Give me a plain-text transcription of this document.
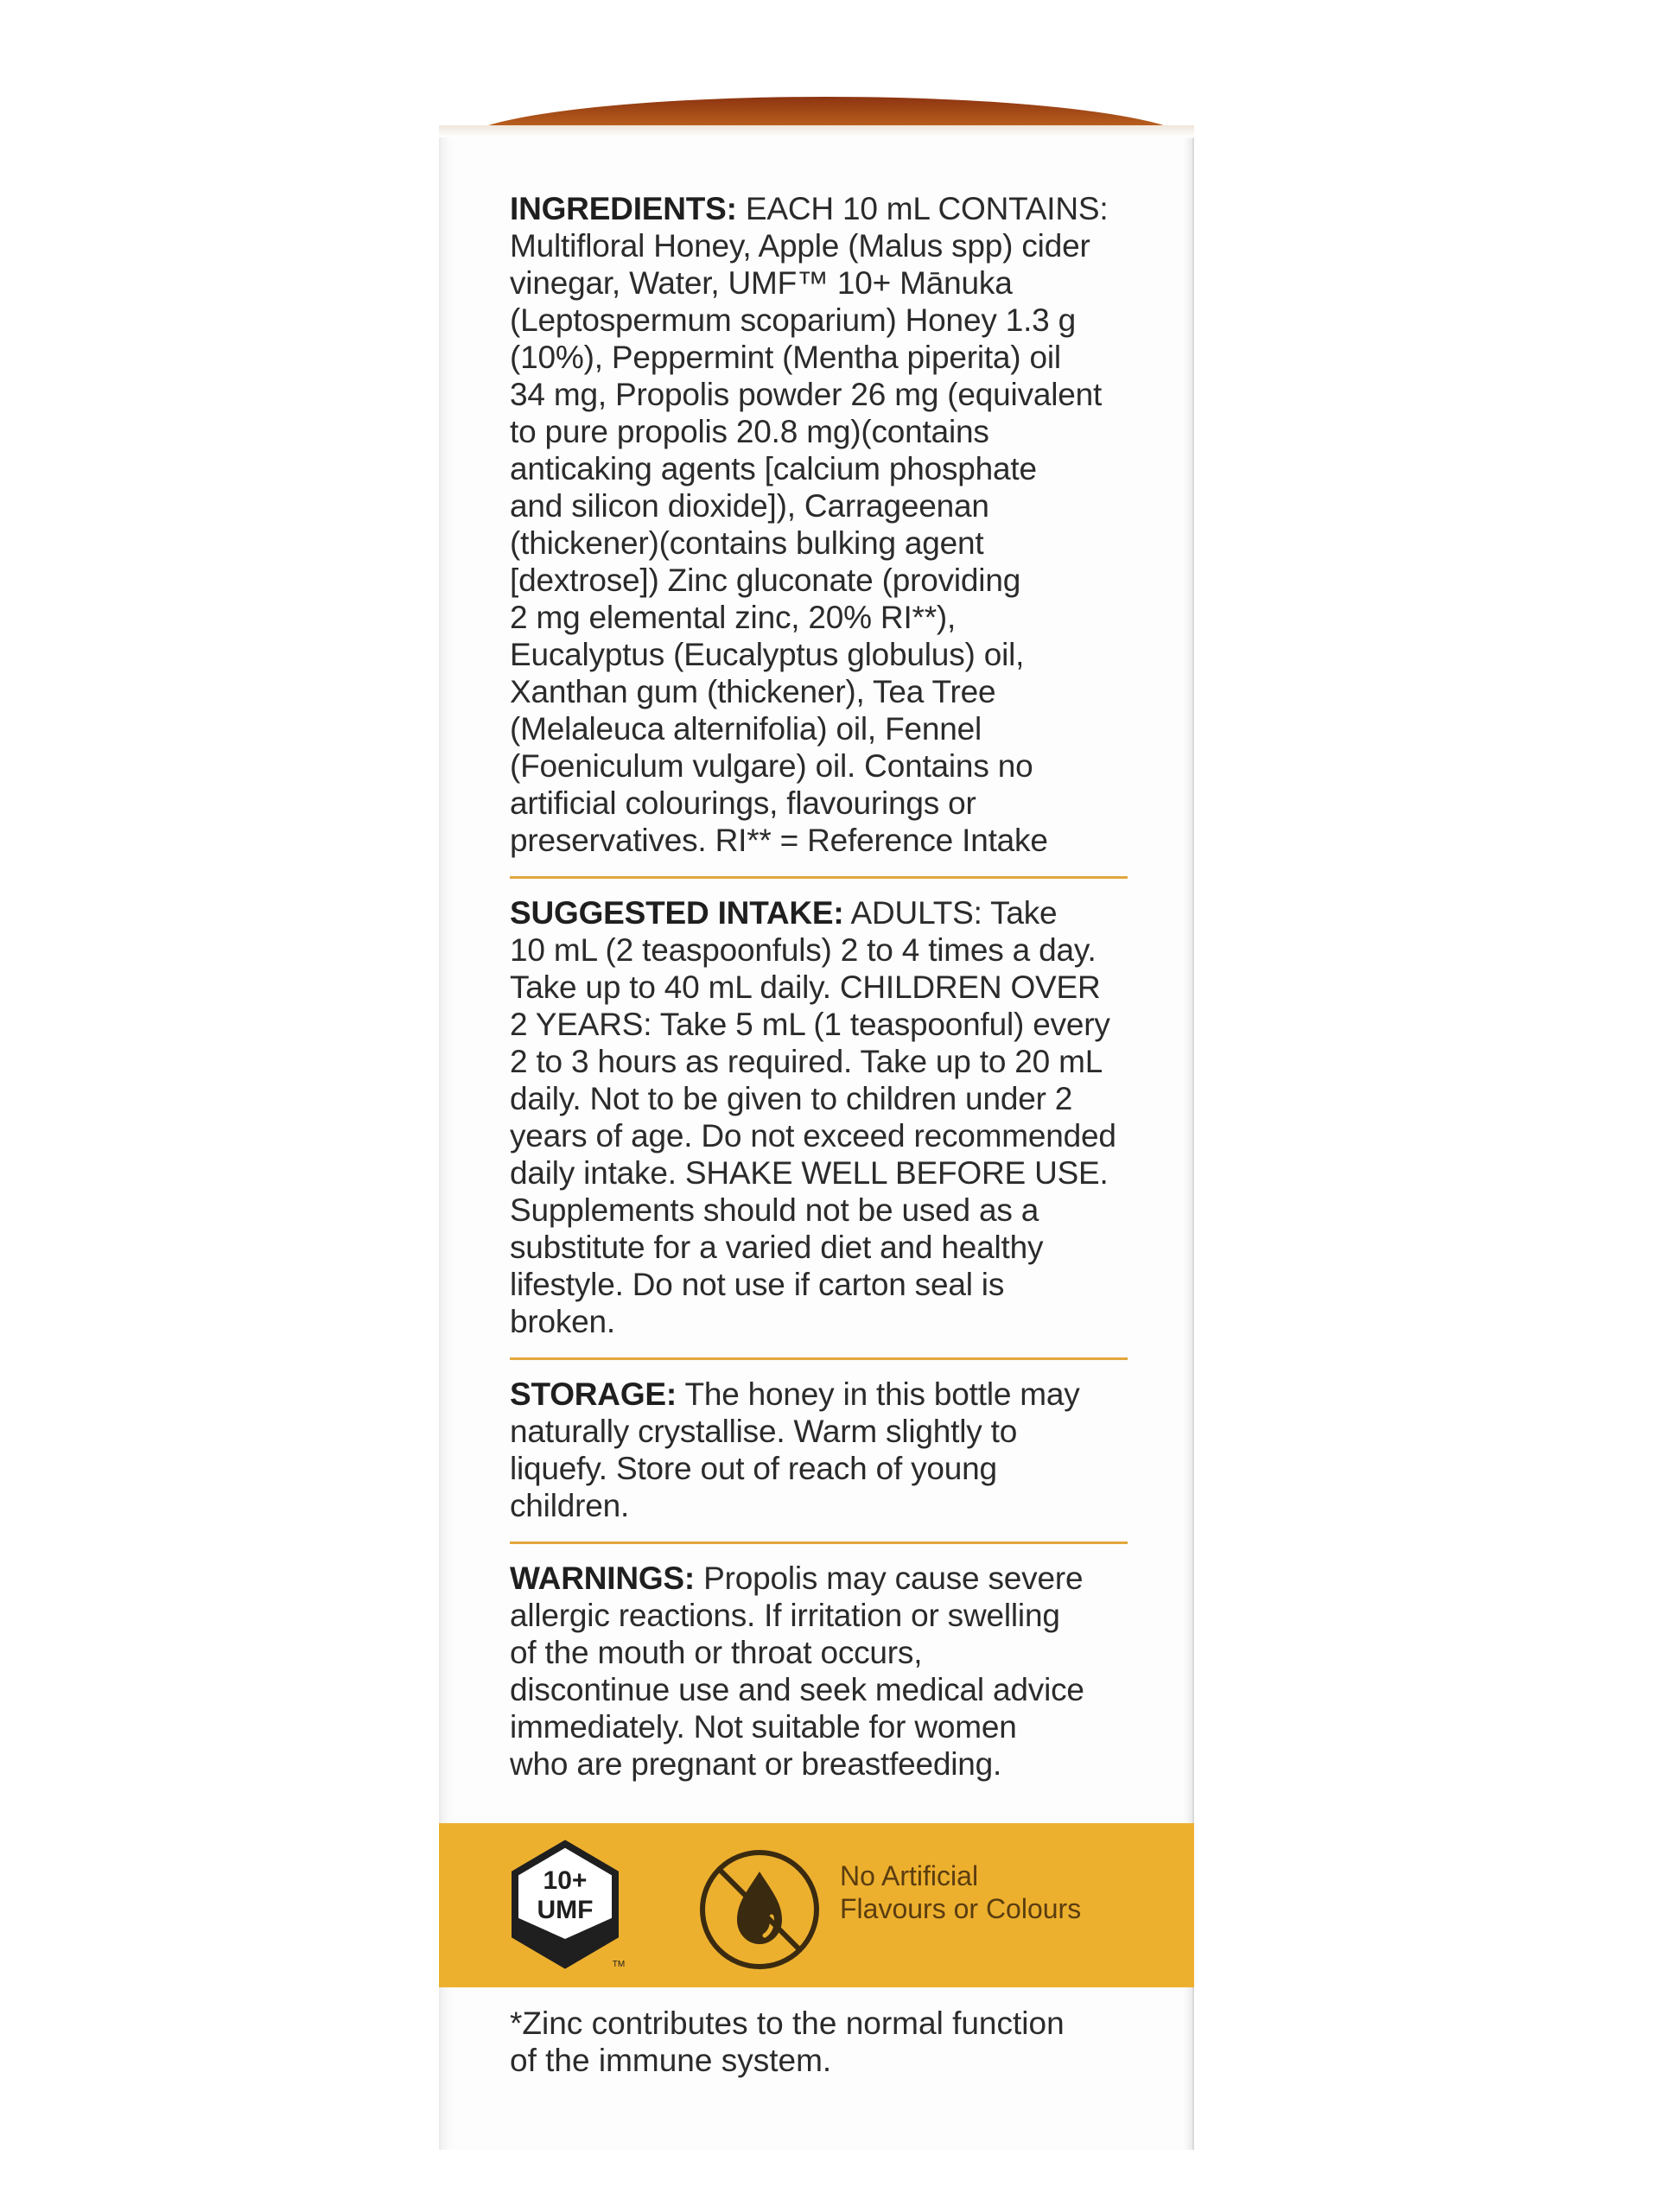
INGREDIENTS: EACH 10 mL CONTAINS:

Multifloral Honey, Apple (Malus spp) cider

vinegar, Water, UMF™ 10+ Mānuka

(Leptospermum scoparium) Honey 1.3 g

(10%), Peppermint (Mentha piperita) oil

34 mg, Propolis powder 26 mg (equivalent

to pure propolis 20.8 mg)(contains

anticaking agents [calcium phosphate

and silicon dioxide]), Carrageenan

(thickener)(contains bulking agent

[dextrose]) Zinc gluconate (providing

2 mg elemental zinc, 20% RI**),

Eucalyptus (Eucalyptus globulus) oil,

Xanthan gum (thickener), Tea Tree

(Melaleuca alternifolia) oil, Fennel

(Foeniculum vulgare) oil. Contains no

artificial colourings, flavourings or

preservatives. RI** = Reference Intake

SUGGESTED INTAKE: ADULTS: Take

10 mL (2 teaspoonfuls) 2 to 4 times a day.

Take up to 40 mL daily. CHILDREN OVER

2 YEARS: Take 5 mL (1 teaspoonful) every

2 to 3 hours as required. Take up to 20 mL

daily. Not to be given to children under 2

years of age. Do not exceed recommended

daily intake. SHAKE WELL BEFORE USE.

Supplements should not be used as a

substitute for a varied diet and healthy

lifestyle. Do not use if carton seal is

broken.

STORAGE: The honey in this bottle may

naturally crystallise. Warm slightly to

liquefy. Store out of reach of young

children.

WARNINGS: Propolis may cause severe

allergic reactions. If irritation or swelling

of the mouth or throat occurs,

discontinue use and seek medical advice

immediately. Not suitable for women

who are pregnant or breastfeeding.

10+
UMF
TM
No Artificial
Flavours or Colours
*Zinc contributes to the normal function
of the immune system.
